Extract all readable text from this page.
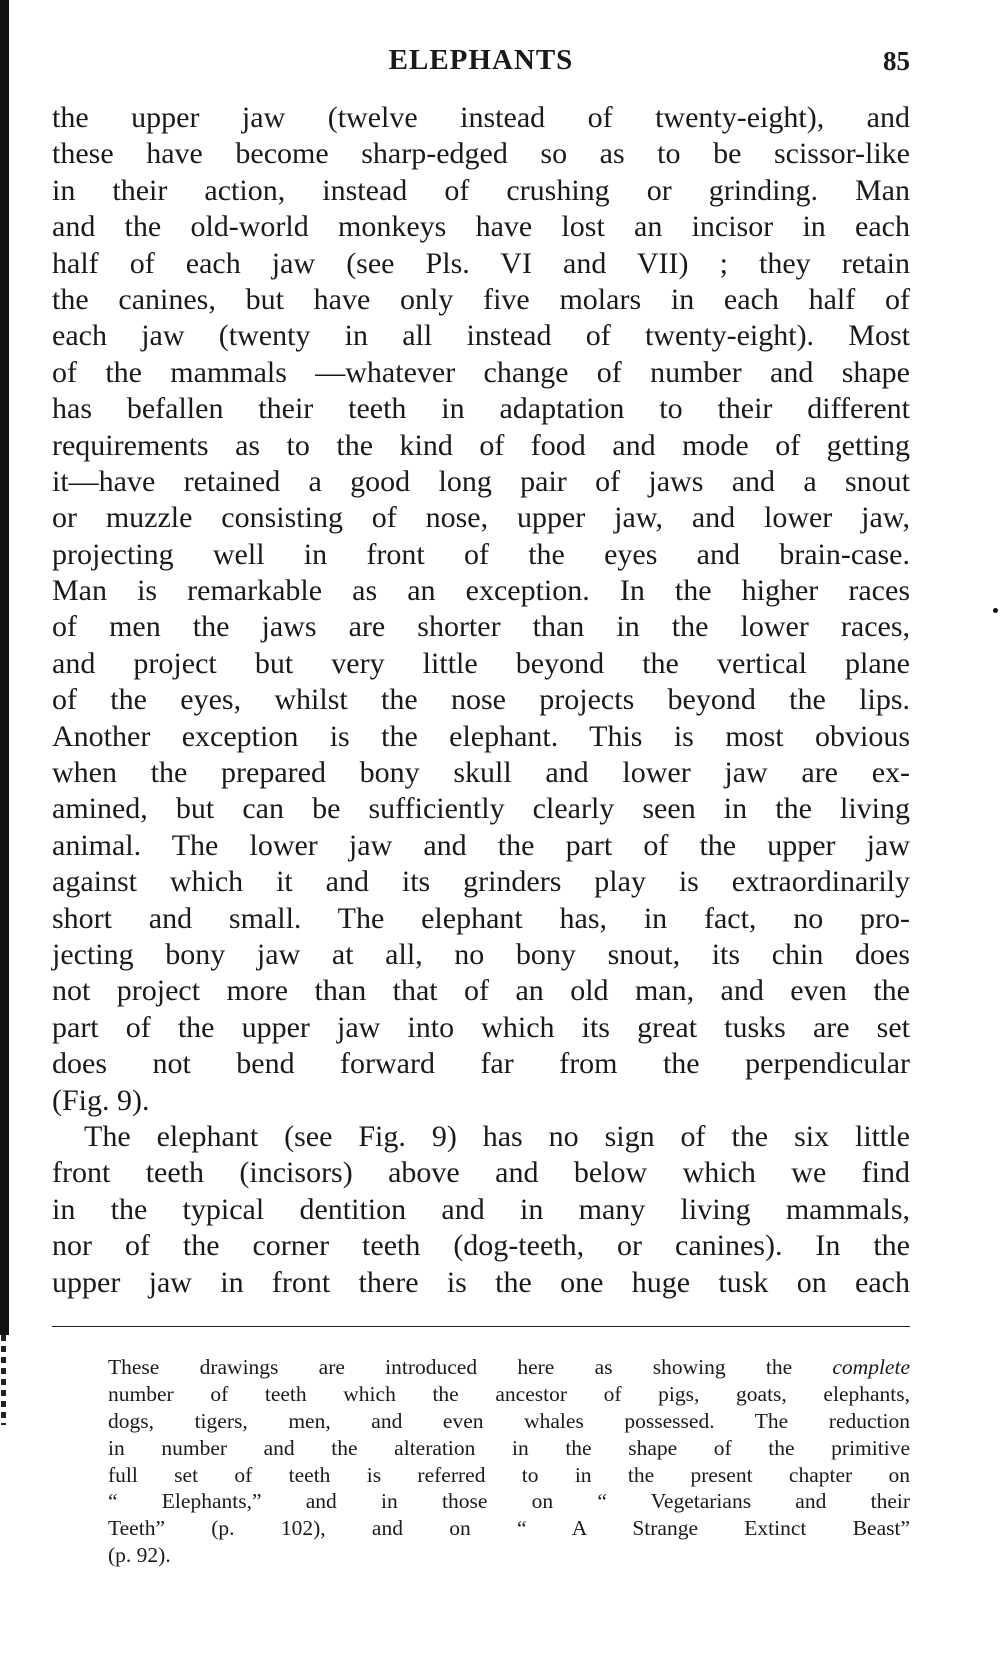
ELEPHANTS	85
the upper jaw (twelve instead of twenty-eight), and
these have become sharp-edged so as to be scissor-like
in their action, instead of crushing or grinding. Man
and the old-world monkeys have lost an incisor in each
half of each jaw (see Pls. VI and VII) ; they retain
the canines, but have only five molars in each half of
each jaw (twenty in all instead of twenty-eight). Most
of the mammals —whatever change of number and shape
has befallen their teeth in adaptation to their different
requirements as to the kind of food and mode of getting
it—have retained a good long pair of jaws and a snout
or muzzle consisting of nose, upper jaw, and lower jaw,
projecting well in front of the eyes and brain-case.
Man is remarkable as an exception. In the higher races
of men the jaws are shorter than in the lower races,
and project but very little beyond the vertical plane
of the eyes, whilst the nose projects beyond the lips.
Another exception is the elephant. This is most obvious
when the prepared bony skull and lower jaw are ex-
amined, but can be sufficiently clearly seen in the living
animal. The lower jaw and the part of the upper jaw
against which it and its grinders play is extraordinarily
short and small. The elephant has, in fact, no pro-
jecting bony jaw at all, no bony snout, its chin does
not project more than that of an old man, and even the
part of the upper jaw into which its great tusks are set
does not bend forward far from the perpendicular
(Fig. 9).
The elephant (see Fig. 9) has no sign of the six little
front teeth (incisors) above and below which we find
in the typical dentition and in many living mammals,
nor of the corner teeth (dog-teeth, or canines). In the
upper jaw in front there is the one huge tusk on each
These drawings are introduced here as showing the complete
number of teeth which the ancestor of pigs, goats, elephants,
dogs, tigers, men, and even whales possessed. The reduction
in number and the alteration in the shape of the primitive
full set of teeth is referred to in the present chapter on
“ Elephants,” and in those on “ Vegetarians and their
Teeth” (p. 102), and on “ A Strange Extinct Beast”
(p. 92).
